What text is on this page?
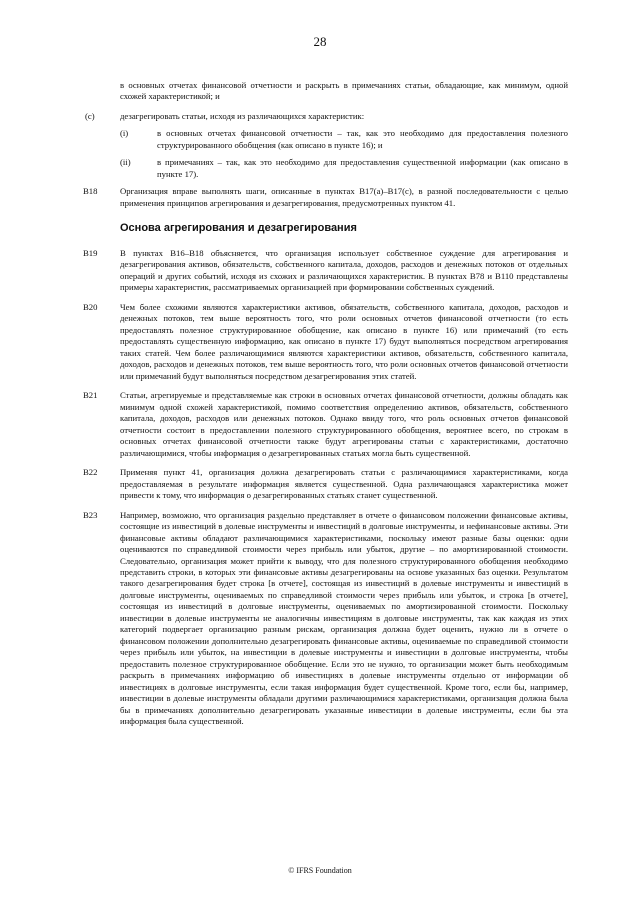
28
в основных отчетах финансовой отчетности и раскрыть в примечаниях статьи, обладающие, как минимум, одной схожей характеристикой; и
(c)	дезагрегировать статьи, исходя из различающихся характеристик:
(i)	в основных отчетах финансовой отчетности – так, как это необходимо для предоставления полезного структурированного обобщения (как описано в пункте 16); и
(ii)	в примечаниях – так, как это необходимо для предоставления существенной информации (как описано в пункте 17).
B18	Организация вправе выполнять шаги, описанные в пунктах B17(a)–B17(c), в разной последовательности с целью применения принципов агрегирования и дезагрегирования, предусмотренных пунктом 41.
Основа агрегирования и дезагрегирования
B19	В пунктах B16–B18 объясняется, что организация использует собственное суждение для агрегирования и дезагрегирования активов, обязательств, собственного капитала, доходов, расходов и денежных потоков от отдельных операций и других событий, исходя из схожих и различающихся характеристик. В пунктах B78 и B110 представлены примеры характеристик, рассматриваемых организацией при формировании собственных суждений.
B20	Чем более схожими являются характеристики активов, обязательств, собственного капитала, доходов, расходов и денежных потоков, тем выше вероятность того, что роли основных отчетов финансовой отчетности (то есть предоставлять полезное структурированное обобщение, как описано в пункте 16) или примечаний (то есть предоставлять существенную информацию, как описано в пункте 17) будут выполняться посредством агрегирования таких статей. Чем более различающимися являются характеристики активов, обязательств, собственного капитала, доходов, расходов и денежных потоков, тем выше вероятность того, что роли основных отчетов финансовой отчетности или примечаний будут выполняться посредством дезагрегирования этих статей.
B21	Статьи, агрегируемые и представляемые как строки в основных отчетах финансовой отчетности, должны обладать как минимум одной схожей характеристикой, помимо соответствия определению активов, обязательств, собственного капитала, доходов, расходов или денежных потоков. Однако ввиду того, что роль основных отчетов финансовой отчетности состоит в предоставлении полезного структурированного обобщения, вероятнее всего, по строкам в основных отчетах финансовой отчетности также будут агрегированы статьи с характеристиками, достаточно различающимися, чтобы информация о дезагрегированных статьях могла быть существенной.
B22	Применяя пункт 41, организация должна дезагрегировать статьи с различающимися характеристиками, когда предоставляемая в результате информация является существенной. Одна различающаяся характеристика может привести к тому, что информация о дезагрегированных статьях станет существенной.
B23	Например, возможно, что организация раздельно представляет в отчете о финансовом положении финансовые активы, состоящие из инвестиций в долевые инструменты и инвестиций в долговые инструменты, и нефинансовые активы. Эти финансовые активы обладают различающимися характеристиками, поскольку имеют разные базы оценки: одни оцениваются по справедливой стоимости через прибыль или убыток, другие – по амортизированной стоимости. Следовательно, организация может прийти к выводу, что для полезного структурированного обобщения необходимо представить строки, в которых эти финансовые активы дезагрегированы на основе указанных баз оценки. Результатом такого дезагрегирования будет строка [в отчете], состоящая из инвестиций в долевые инструменты и инвестиций в долговые инструменты, оцениваемых по справедливой стоимости через прибыль или убыток, и строка [в отчете], состоящая из инвестиций в долговые инструменты, оцениваемых по амортизированной стоимости. Поскольку инвестиции в долевые инструменты не аналогичны инвестициям в долговые инструменты, так как каждая из этих категорий подвергает организацию разным рискам, организация должна будет оценить, нужно ли в отчете о финансовом положении дополнительно дезагрегировать финансовые активы, оцениваемые по справедливой стоимости через прибыль или убыток, на инвестиции в долевые инструменты и инвестиции в долговые инструменты, чтобы предоставить полезное структурированное обобщение. Если это не нужно, то организации может быть необходимым раскрыть в примечаниях информацию об инвестициях в долевые инструменты отдельно от информации об инвестициях в долговые инструменты, если такая информация будет существенной. Кроме того, если бы, например, инвестиции в долевые инструменты обладали другими различающимися характеристиками, организация должна была бы в примечаниях дополнительно дезагрегировать указанные инвестиции в долевые инструменты, если бы эта информация была существенной.
© IFRS Foundation
